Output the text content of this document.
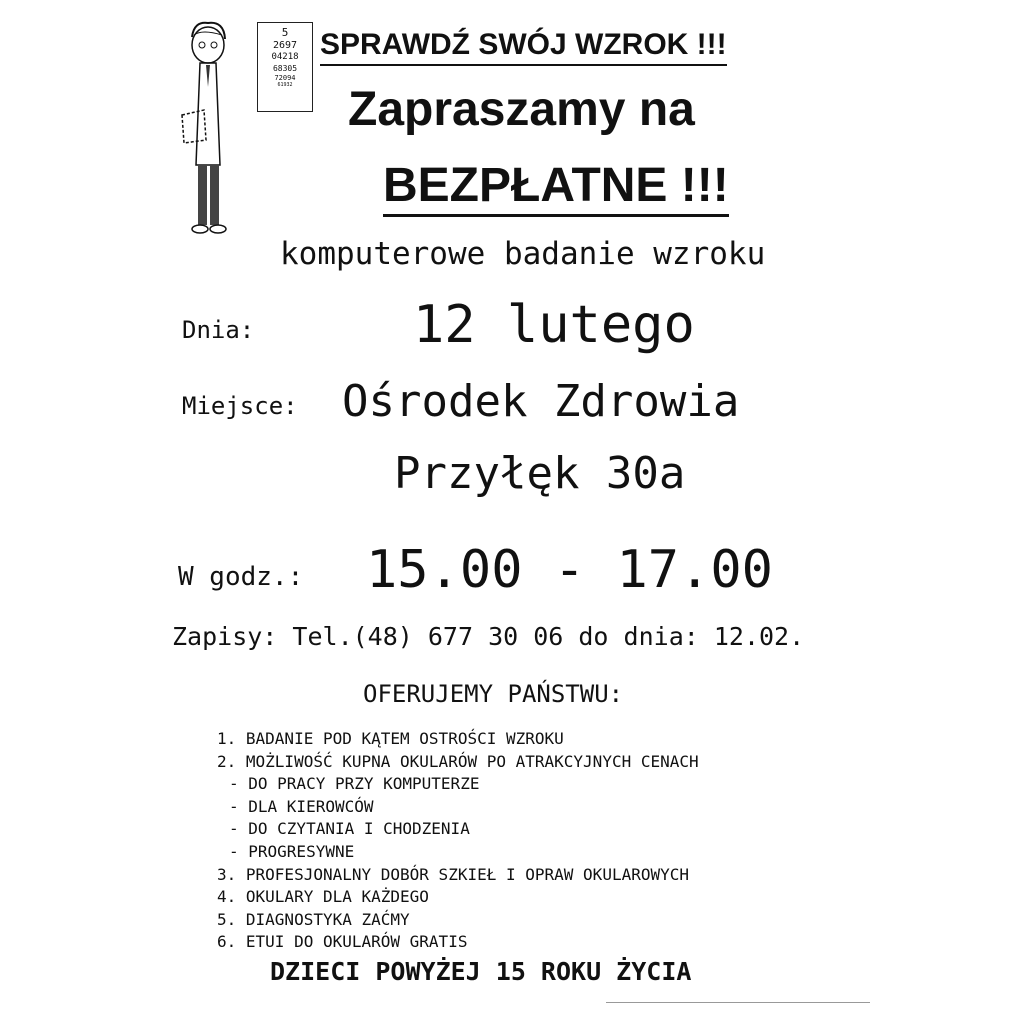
5
2697
04218
68305
72094
61932
SPRAWDŹ SWÓJ WZROK !!!
Zapraszamy na
BEZPŁATNE !!!
komputerowe badanie wzroku
Dnia:	12 lutego
Miejsce: Ośrodek Zdrowia
Przyłęk 30a
W godz.: 15.00 - 17.00
Zapisy: Tel.(48) 677 30 06 do dnia: 12.02.
OFERUJEMY PAŃSTWU:
1. BADANIE POD KĄTEM OSTROŚCI WZROKU
2. MOŻLIWOŚĆ KUPNA OKULARÓW PO ATRAKCYJNYCH CENACH
- DO PRACY PRZY KOMPUTERZE
- DLA KIEROWCÓW
- DO CZYTANIA I CHODZENIA
- PROGRESYWNE
3. PROFESJONALNY DOBÓR SZKIEŁ I OPRAW OKULAROWYCH
4. OKULARY DLA KAŻDEGO
5. DIAGNOSTYKA ZAĆMY
6. ETUI DO OKULARÓW GRATIS
DZIECI POWYŻEJ 15 ROKU ŻYCIA
